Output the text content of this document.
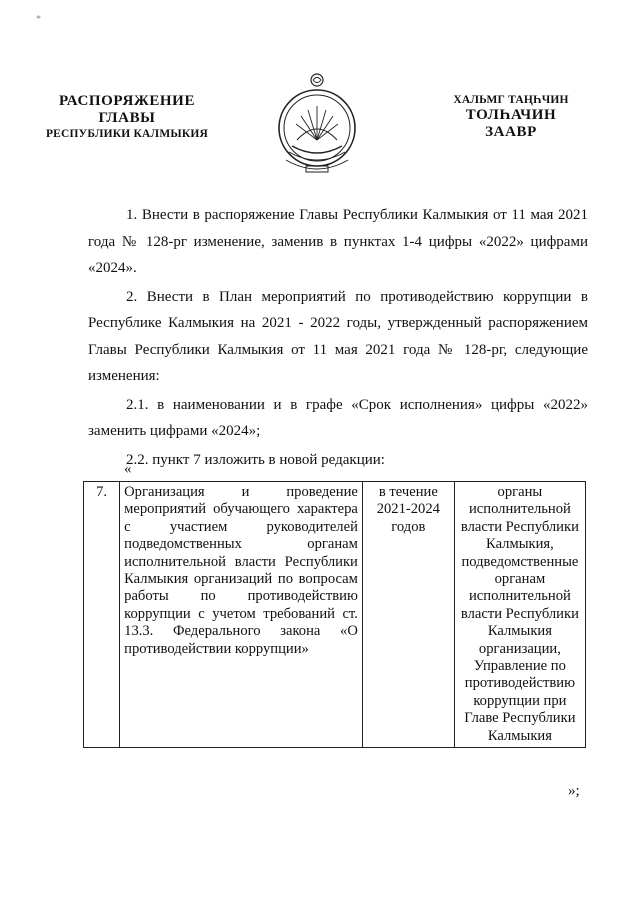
*
РАСПОРЯЖЕНИЕ
ГЛАВЫ
РЕСПУБЛИКИ КАЛМЫКИЯ
ХАЛЬМГ ТАҢҺЧИН
ТОЛҺАЧИН
ЗААВР

1. Внести в распоряжение Главы Республики Калмыкия от 11 мая 2021 года № 128-рг изменение, заменив в пунктах 1-4 цифры «2022» цифрами «2024».

2. Внести в План мероприятий по противодействию коррупции в Республике Калмыкия на 2021 - 2022 годы, утвержденный распоряжением Главы Республики Калмыкия от 11 мая 2021 года № 128-рг, следующие изменения:

2.1. в наименовании и в графе «Срок исполнения» цифры «2022» заменить цифрами «2024»;

2.2. пункт 7 изложить в новой редакции:

«
7.	Организация и проведение мероприятий обучающего характера с участием руководителей подведомственных органам исполнительной власти Республики Калмыкия организаций по вопросам работы по противодействию коррупции с учетом требований ст. 13.3. Федерального закона «О противодействии коррупции»	в течение 2021-2024 годов	органы исполнительной власти Республики Калмыкия, подведомственные органам исполнительной власти Республики Калмыкия организации, Управление по противодействию коррупции при Главе Республики Калмыкия
»;
